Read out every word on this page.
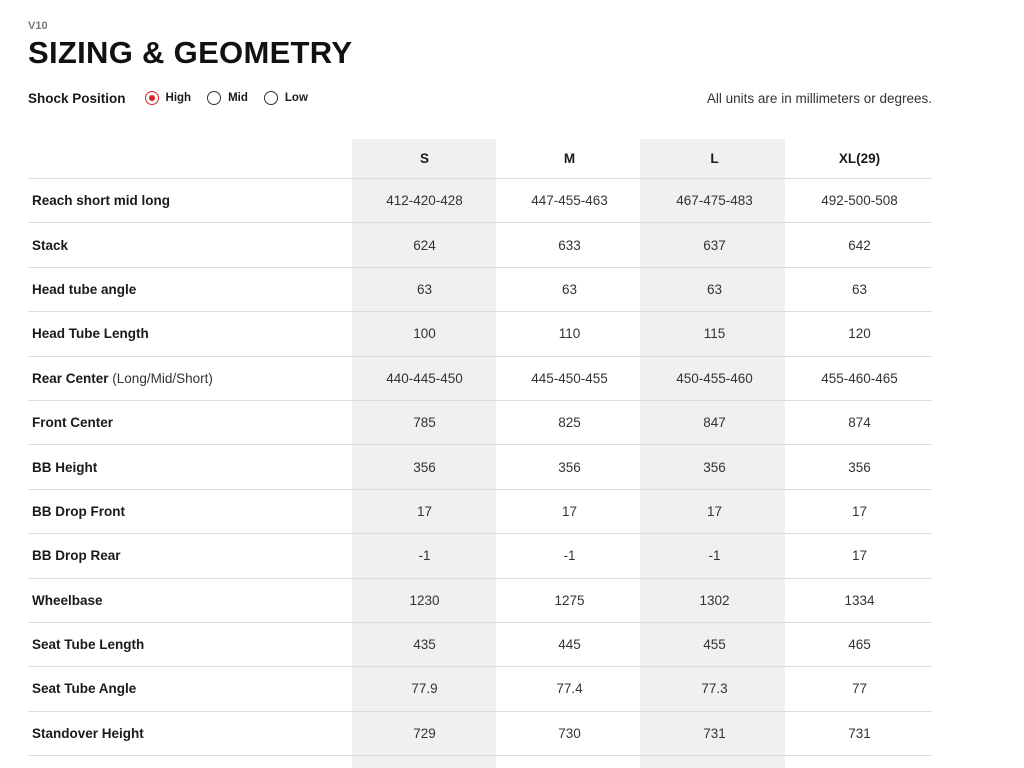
V10
SIZING & GEOMETRY
Shock Position	High	Mid	Low	All units are in millimeters or degrees.
S	M	L	XL(29)
Reach short mid long	412-420-428	447-455-463	467-475-483	492-500-508
Stack	624	633	637	642
Head tube angle	63	63	63	63
Head Tube Length	100	110	115	120
Rear Center (Long/Mid/Short)	440-445-450	445-450-455	450-455-460	455-460-465
Front Center	785	825	847	874
BB Height	356	356	356	356
BB Drop Front	17	17	17	17
BB Drop Rear	-1	-1	-1	17
Wheelbase	1230	1275	1302	1334
Seat Tube Length	435	445	455	465
Seat Tube Angle	77.9	77.4	77.3	77
Standover Height	729	730	731	731
